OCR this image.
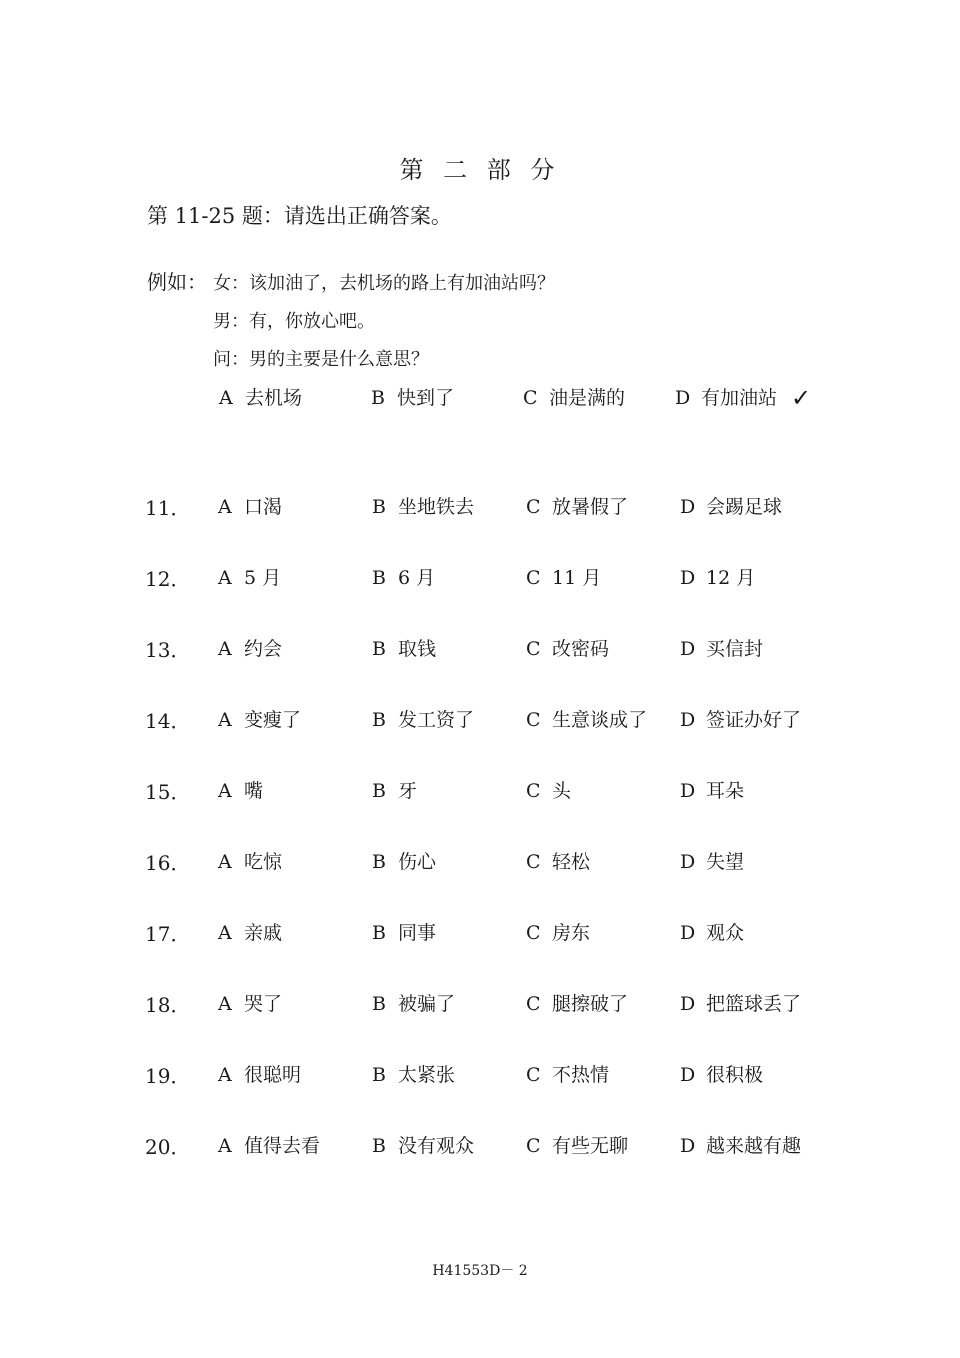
第 二 部 分
第 11-25 题：请选出正确答案。
例如： 女：该加油了，去机场的路上有加油站吗？
男：有，你放心吧。
问：男的主要是什么意思？
A 去机场	B 快到了	C 油是满的	D 有加油站 ✓
11． A 口渴	B 坐地铁去	C 放暑假了	D 会踢足球
12． A 5 月	B 6 月	C 11 月	D 12 月
13． A 约会	B 取钱	C 改密码	D 买信封
14． A 变瘦了	B 发工资了	C 生意谈成了 D 签证办好了
15． A 嘴	B 牙	C 头	D 耳朵
16． A 吃惊	B 伤心	C 轻松	D 失望
17． A 亲戚	B 同事	C 房东	D 观众
18． A 哭了	B 被骗了	C 腿擦破了	D 把篮球丢了
19． A 很聪明	B 太紧张	C 不热情	D 很积极
20． A 值得去看	B 没有观众	C 有些无聊	D 越来越有趣
H41553D－ 2
